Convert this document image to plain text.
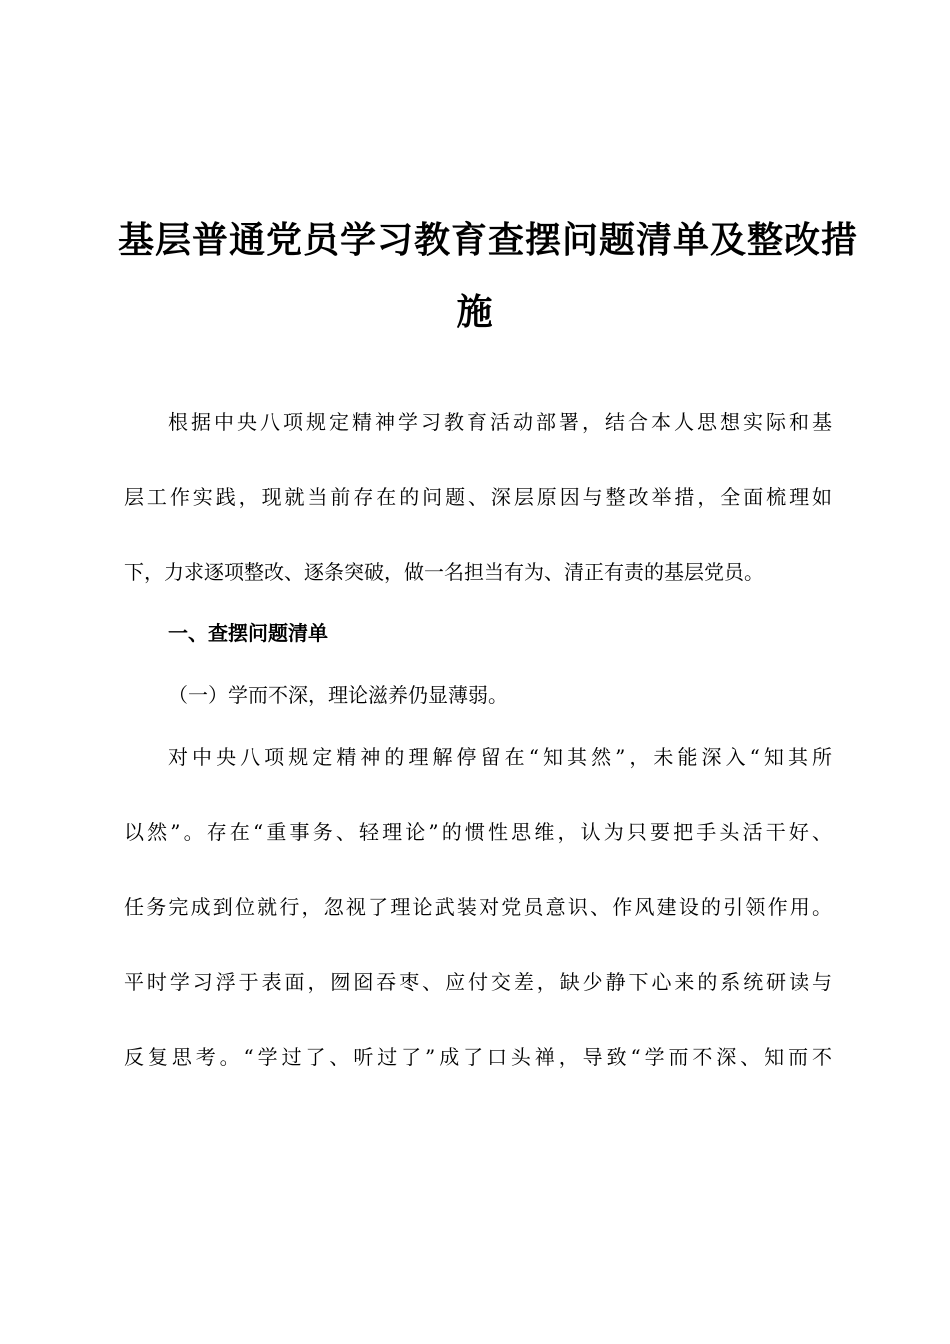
基层普通党员学习教育查摆问题清单及整改措
施
根据中央八项规定精神学习教育活动部署，结合本人思想实际和基
层工作实践，现就当前存在的问题、深层原因与整改举措，全面梳理如
下，力求逐项整改、逐条突破，做一名担当有为、清正有责的基层党员。
一、查摆问题清单
（一）学而不深，理论滋养仍显薄弱。
对中央八项规定精神的理解停留在“知其然”，未能深入“知其所
以然”。存在“重事务、轻理论”的惯性思维，认为只要把手头活干好、
任务完成到位就行，忽视了理论武装对党员意识、作风建设的引领作用。
平时学习浮于表面，囫囵吞枣、应付交差，缺少静下心来的系统研读与
反复思考。“学过了、听过了”成了口头禅，导致“学而不深、知而不
